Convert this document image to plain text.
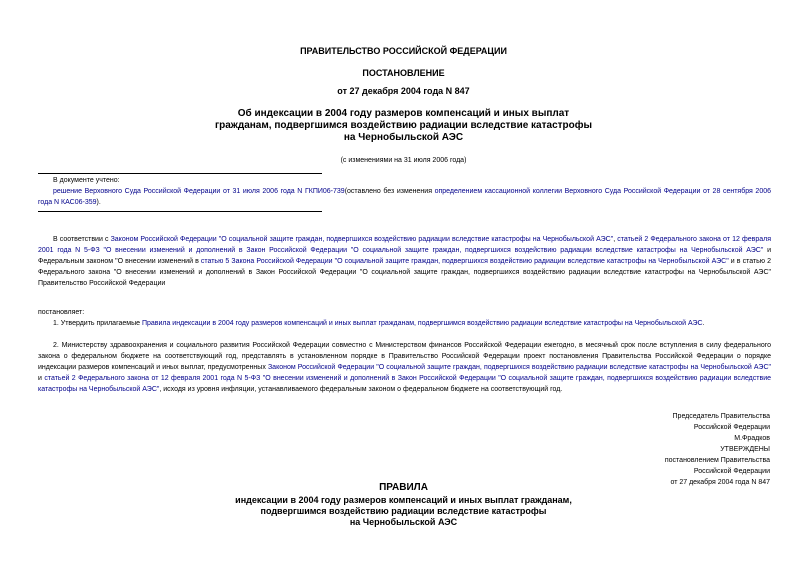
ПРАВИТЕЛЬСТВО РОССИЙСКОЙ ФЕДЕРАЦИИ
ПОСТАНОВЛЕНИЕ
от 27 декабря 2004 года N 847
Об индексации в 2004 году размеров компенсаций и иных выплат
гражданам, подвергшимся воздействию радиации вследствие катастрофы
на Чернобыльской АЭС
(с изменениями на 31 июля 2006 года)
В документе учтено:
решение Верховного Суда Российской Федерации от 31 июля 2006 года N ГКПИ06-739(оставлено без изменения определением кассационной коллегии Верховного Суда Российской Федерации от 28 сентября 2006 года N КАС06-359).
В соответствии с Законом Российской Федерации "О социальной защите граждан, подвергшихся воздействию радиации вследствие катастрофы на Чернобыльской АЭС", статьей 2 Федерального закона от 12 февраля 2001 года N 5-ФЗ "О внесении изменений и дополнений в Закон Российской Федерации "О социальной защите граждан, подвергшихся воздействию радиации вследствие катастрофы на Чернобыльской АЭС" и Федеральным законом "О внесении изменений в статью 5 Закона Российской Федерации "О социальной защите граждан, подвергшихся воздействию радиации вследствие катастрофы на Чернобыльской АЭС" и в статью 2 Федерального закона "О внесении изменений и дополнений в Закон Российской Федерации "О социальной защите граждан, подвергшихся воздействию радиации вследствие катастрофы на Чернобыльской АЭС" Правительство Российской Федерации
постановляет:
1. Утвердить прилагаемые Правила индексации в 2004 году размеров компенсаций и иных выплат гражданам, подвергшимся воздействию радиации вследствие катастрофы на Чернобыльской АЭС.
2. Министерству здравоохранения и социального развития Российской Федерации совместно с Министерством финансов Российской Федерации ежегодно, в месячный срок после вступления в силу федерального закона о федеральном бюджете на соответствующий год, представлять в установленном порядке в Правительство Российской Федерации проект постановления Правительства Российской Федерации о порядке индексации размеров компенсаций и иных выплат, предусмотренных Законом Российской Федерации "О социальной защите граждан, подвергшихся воздействию радиации вследствие катастрофы на Чернобыльской АЭС" и статьей 2 Федерального закона от 12 февраля 2001 года N 5-ФЗ "О внесении изменений и дополнений в Закон Российской Федерации "О социальной защите граждан, подвергшихся воздействию радиации вследствие катастрофы на Чернобыльской АЭС", исходя из уровня инфляции, устанавливаемого федеральным законом о федеральном бюджете на соответствующий год.
Председатель Правительства
Российской Федерации
М.Фрадков
УТВЕРЖДЕНЫ
постановлением Правительства
Российской Федерации
от 27 декабря 2004 года N 847
ПРАВИЛА
индексации в 2004 году размеров компенсаций и иных выплат гражданам,
подвергшимся воздействию радиации вследствие катастрофы
на Чернобыльской АЭС
